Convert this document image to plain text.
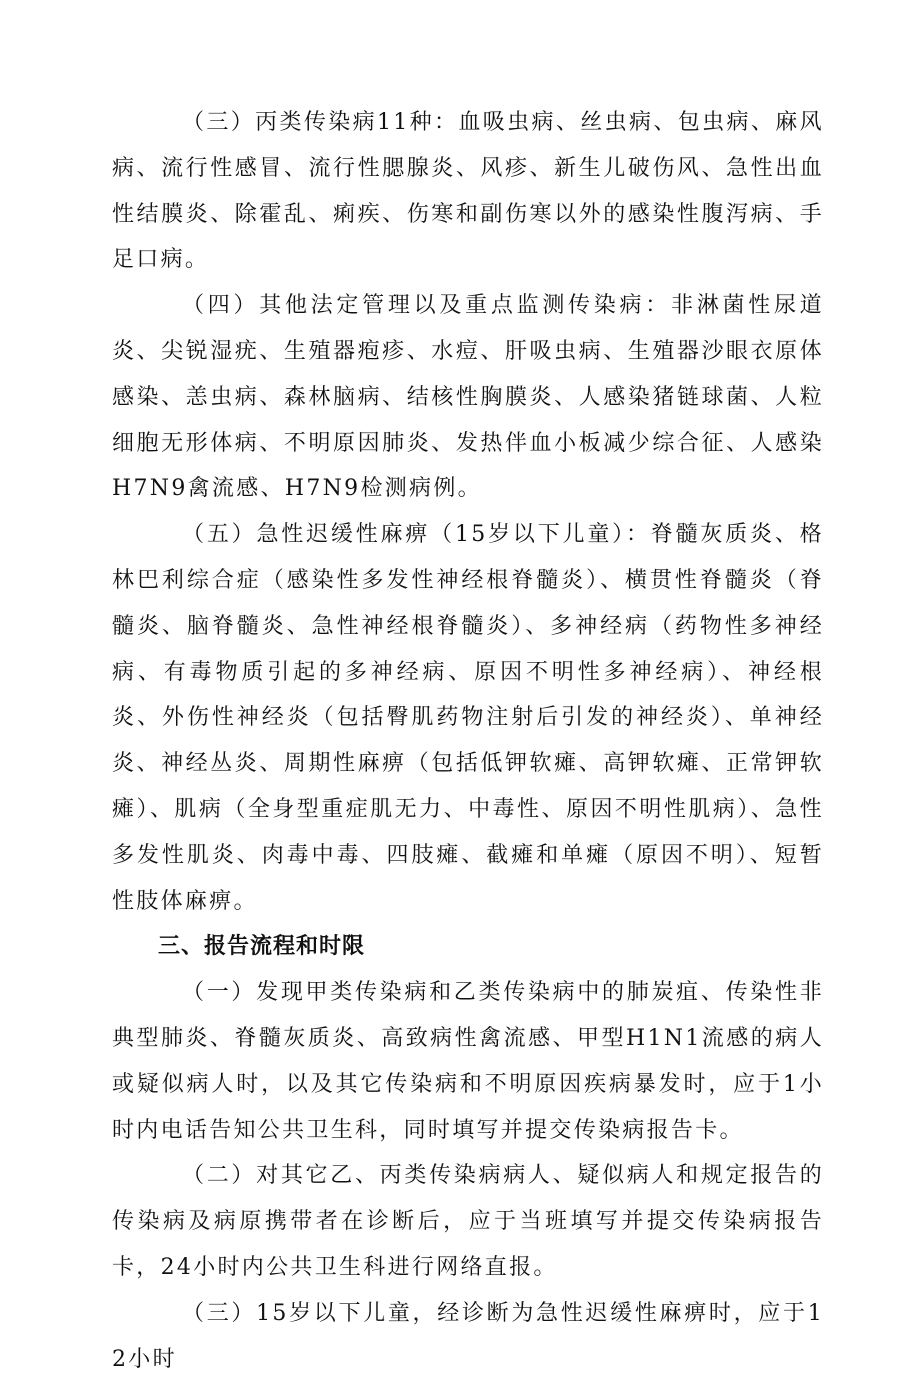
（三）丙类传染病11种：血吸虫病、丝虫病、包虫病、麻风病、流行性感冒、流行性腮腺炎、风疹、新生儿破伤风、急性出血性结膜炎、除霍乱、痢疾、伤寒和副伤寒以外的感染性腹泻病、手足口病。

（四）其他法定管理以及重点监测传染病：非淋菌性尿道炎、尖锐湿疣、生殖器疱疹、水痘、肝吸虫病、生殖器沙眼衣原体感染、恙虫病、森林脑病、结核性胸膜炎、人感染猪链球菌、人粒细胞无形体病、不明原因肺炎、发热伴血小板减少综合征、人感染H7N9禽流感、H7N9检测病例。

（五）急性迟缓性麻痹（15岁以下儿童）：脊髓灰质炎、格林巴利综合症（感染性多发性神经根脊髓炎）、横贯性脊髓炎（脊髓炎、脑脊髓炎、急性神经根脊髓炎）、多神经病（药物性多神经病、有毒物质引起的多神经病、原因不明性多神经病）、神经根炎、外伤性神经炎（包括臀肌药物注射后引发的神经炎）、单神经炎、神经丛炎、周期性麻痹（包括低钾软瘫、高钾软瘫、正常钾软瘫）、肌病（全身型重症肌无力、中毒性、原因不明性肌病）、急性多发性肌炎、肉毒中毒、四肢瘫、截瘫和单瘫（原因不明）、短暂性肢体麻痹。

三、报告流程和时限

（一）发现甲类传染病和乙类传染病中的肺炭疽、传染性非典型肺炎、脊髓灰质炎、高致病性禽流感、甲型H1N1流感的病人或疑似病人时，以及其它传染病和不明原因疾病暴发时，应于1小时内电话告知公共卫生科，同时填写并提交传染病报告卡。

（二）对其它乙、丙类传染病病人、疑似病人和规定报告的传染病及病原携带者在诊断后，应于当班填写并提交传染病报告卡，24小时内公共卫生科进行网络直报。

（三）15岁以下儿童，经诊断为急性迟缓性麻痹时，应于12小时
